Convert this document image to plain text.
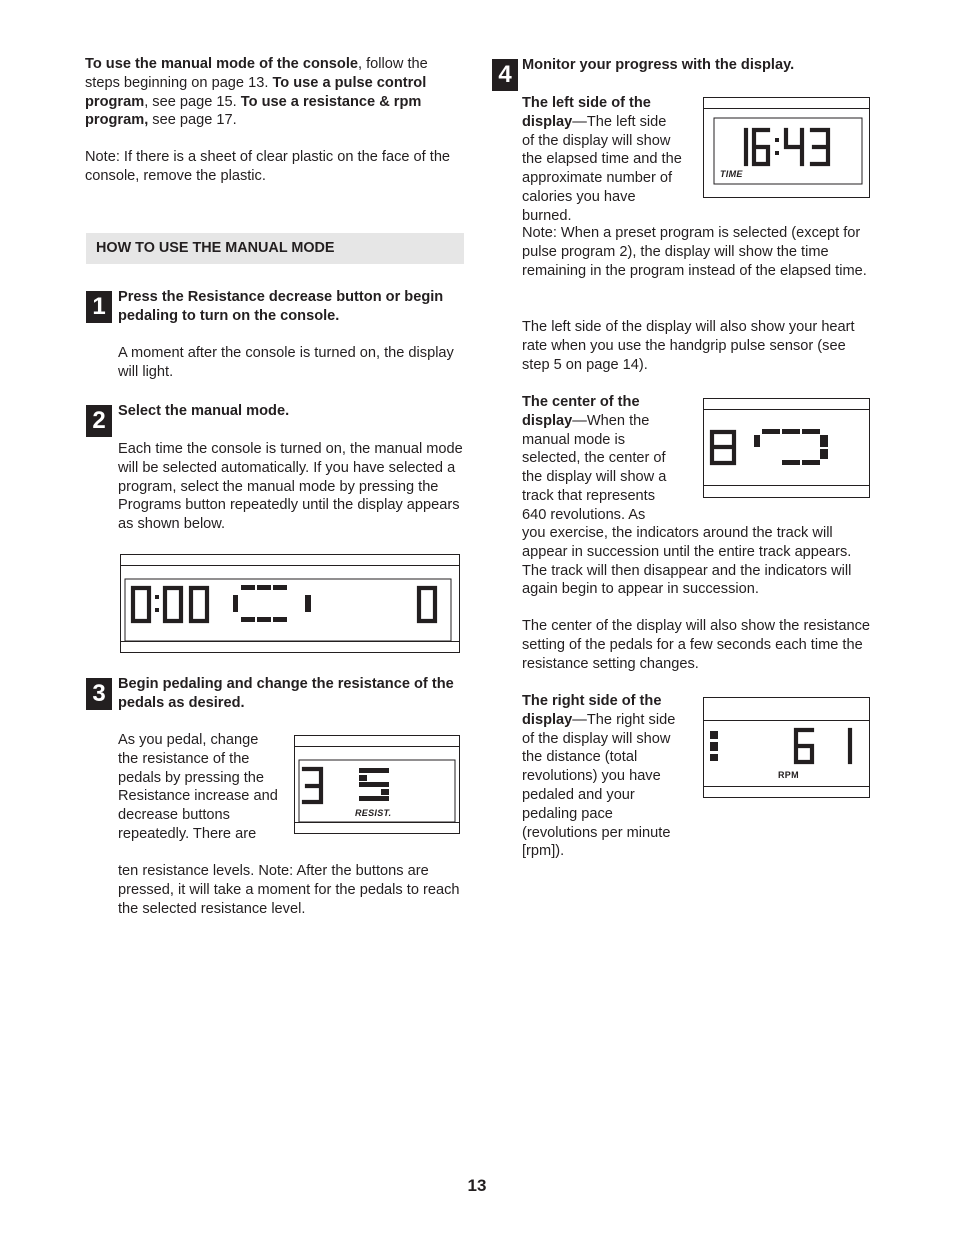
To use the manual mode of the console, follow the steps beginning on page 13. To use a pulse control program, see page 15. To use a resistance & rpm program, see page 17.

Note: If there is a sheet of clear plastic on the face of the console, remove the plastic.

HOW TO USE THE MANUAL MODE
1 Press the Resistance decrease button or begin pedaling to turn on the console.

A moment after the console is turned on, the display will light.

2 Select the manual mode.

Each time the console is turned on, the manual mode will be selected automatically. If you have selected a program, select the manual mode by pressing the Programs button repeatedly until the display appears as shown below.

3 Begin pedaling and change the resistance of the pedals as desired.

As you pedal, change the resistance of the pedals by pressing the Resistance increase and decrease buttons repeatedly. There are

ten resistance levels. Note: After the buttons are pressed, it will take a moment for the pedals to reach the selected resistance level.

RESIST.
4 Monitor your progress with the display.

The left side of the display—The left side of the display will show the elapsed time and the approximate number of calories you have burned.

Note: When a preset program is selected (except for pulse program 2), the display will show the time remaining in the program instead of the elapsed time.

The left side of the display will also show your heart rate when you use the handgrip pulse sensor (see step 5 on page 14).

TIME

The center of the display—When the manual mode is selected, the center of the display will show a track that represents 640 revolutions. As

you exercise, the indicators around the track will appear in succession until the entire track appears. The track will then disappear and the indicators will again begin to appear in succession.

The center of the display will also show the resistance setting of the pedals for a few seconds each time the resistance setting changes.

The right side of the display—The right side of the display will show the distance (total revolutions) you have pedaled and your pedaling pace (revolutions per minute [rpm]).

RPM
13
